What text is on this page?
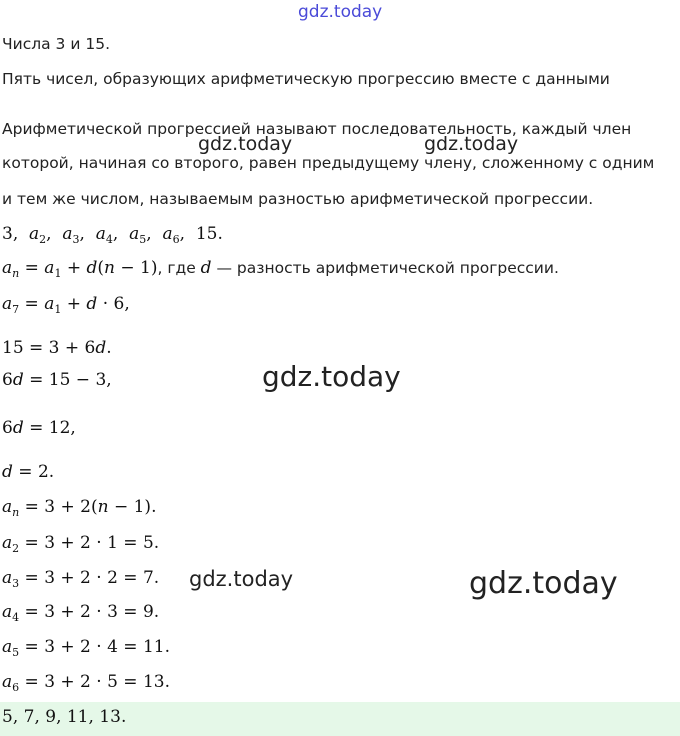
gdz.today
gdz.today	gdz.today
gdz.today
gdz.today	gdz.today
Числа 3 и 15.
Пять чисел, образующих арифметическую прогрессию вместе с данными
Арифметической прогрессией называют последовательность, каждый член
которой, начиная со второго, равен предыдущему члену, сложенному с одним
и тем же числом, называемым разностью арифметической прогрессии.
3,  $a_2$,  $a_3$,  $a_4$,  $a_5$,  $a_6$,  15.
$a_n = a_1 + d(n - 1)$, где d — разность арифметической прогрессии.
$a_7 = a_1 + d \cdot 6$,
15 = 3 + 6d.
6d = 15 − 3,
6d = 12,
d = 2.
$a_n = 3 + 2(n - 1)$.
$a_2 = 3 + 2 \cdot 1 = 5$.
$a_3 = 3 + 2 \cdot 2 = 7$.
$a_4 = 3 + 2 \cdot 3 = 9$.
$a_5 = 3 + 2 \cdot 4 = 11$.
$a_6 = 3 + 2 \cdot 5 = 13$.
5, 7, 9, 11, 13.
